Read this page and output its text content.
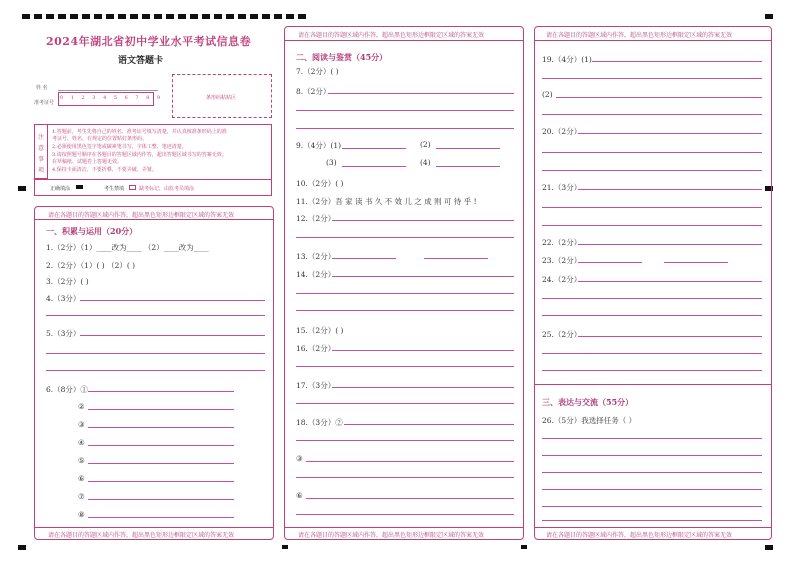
2024年湖北省初中学业水平考试信息卷
语文答题卡
姓 名
准考证号
0 1 2 3 4 5 6 7 8 9	条形码粘贴区
注
意
事
项
1.答题前，考生先将自己的姓名、准考证号填写清楚，并认真核准条形码上的准
考证号、姓名，在规定的位置贴好条形码。
2.必须使用黑色签字笔或碳素笔书写，字体工整、笔迹清楚。
3.请按照题号顺序在各题目的答题区域内作答，超出答题区域书写的答案无效；
在草稿纸、试题卷上答题无效。
4.保持卡面清洁，不要折叠、不要弄破、弄皱。
正确填涂	考生禁填	缺考标记，由监考员填涂
请在各题目的答题区域内作答，超出黑色矩形边框限定区域的答案无效
一、积累与运用（20分）
1.（2分）（1）____改为____ （2）____改为____
2.（2分）（1）( ) （2）( )
3.（2分）( )
4.（3分）
5.（3分）
6.（8分）①
②
③
④
⑤
⑥
⑦
⑧
请在各题目的答题区域内作答，超出黑色矩形边框限定区域的答案无效
请在各题目的答题区域内作答，超出黑色矩形边框限定区域的答案无效
二、阅读与鉴赏（45分）
7.（2分）( )
8.（2分）
9.（4分）(1)	(2)
(3)	(4)
10.（2分）( )
11.（2分）吾 家 读 书 久 不 效 儿 之 成 则 可 待 乎 !
12.（2分）
13.（2分）
14.（2分）
15.（2分）( )
16.（2分）
17.（3分）
18.（3分）②
③
⑥
请在各题目的答题区域内作答，超出黑色矩形边框限定区域的答案无效
请在各题目的答题区域内作答，超出黑色矩形边框限定区域的答案无效
19.（4分）(1)
(2)
20.（2分）
21.（3分）
22.（2分）
23.（2分）
24.（2分）
25.（2分）
三、表达与交流（55分）
26.（5分）我选择任务（ ）
请在各题目的答题区域内作答，超出黑色矩形边框限定区域的答案无效
